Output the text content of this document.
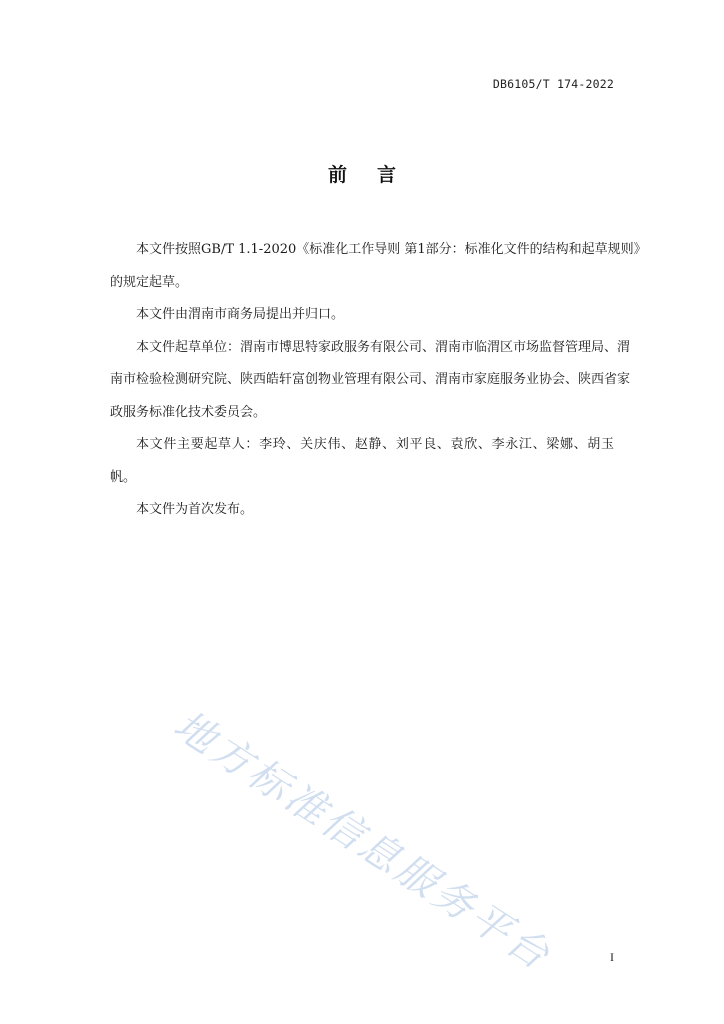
DB6105/T 174-2022
前言

本文件按照GB/T 1.1-2020《标准化工作导则 第1部分：标准化文件的结构和起草规则》
的规定起草。

本文件由渭南市商务局提出并归口。

本文件起草单位：渭南市博思特家政服务有限公司、渭南市临渭区市场监督管理局、渭
南市检验检测研究院、陕西皓轩富创物业管理有限公司、渭南市家庭服务业协会、陕西省家
政服务标准化技术委员会。

本文件主要起草人：李玲、关庆伟、赵静、刘平良、袁欣、李永江、梁娜、胡玉帆。

本文件为首次发布。

地方标准信息服务平台	I
